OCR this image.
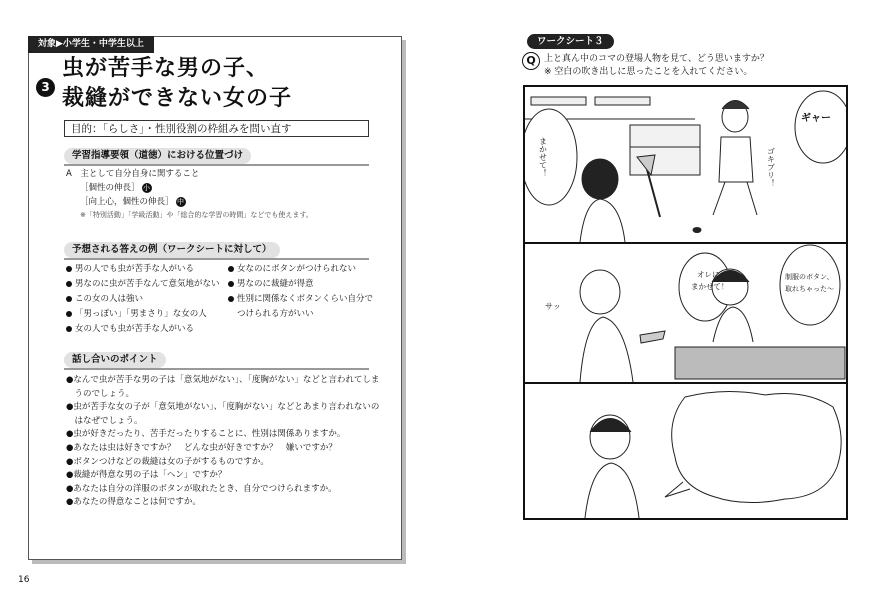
対象▶小学生・中学生以上
3
虫が苦手な男の子、
裁縫ができない女の子
目的：「らしさ」・性別役割の枠組みを問い直す
学習指導要領（道徳）における位置づけ
A　主として自分自身に関すること
［個性の伸長］ 小
［向上心，個性の伸長］ 中
※「特別活動」「学級活動」や「総合的な学習の時間」などでも使えます。
予想される答えの例（ワークシートに対して）
男の人でも虫が苦手な人がいる
男なのに虫が苦手なんて意気地がない
この女の人は強い
「男っぽい」「男まさり」な女の人
女の人でも虫が苦手な人がいる
女なのにボタンがつけられない
男なのに裁縫が得意
性別に関係なくボタンくらい自分で
つけられる方がいい
話し合いのポイント
●なんで虫が苦手な男の子は「意気地がない」、「度胸がない」などと言われてしま
　うのでしょう。
●虫が苦手な女の子が「意気地がない」、「度胸がない」などとあまり言われないの
　はなぜでしょう。
●虫が好きだったり、苦手だったりすることに、性別は関係ありますか。
●あなたは虫は好きですか？　どんな虫が好きですか？　嫌いですか？
●ボタンつけなどの裁縫は女の子がするものですか。
●裁縫が得意な男の子は「ヘン」ですか？
●あなたは自分の洋服のボタンが取れたとき、自分でつけられますか。
●あなたの得意なことは何ですか。
16
ワークシート３
Q 上と真ん中のコマの登場人物を見て、どう思いますか？
※ 空白の吹き出しに思ったことを入れてください。
まかせて！
ギャー
ゴキブリ！
オレに
まかせて！
制服のボタン、
取れちゃった〜
サッ
